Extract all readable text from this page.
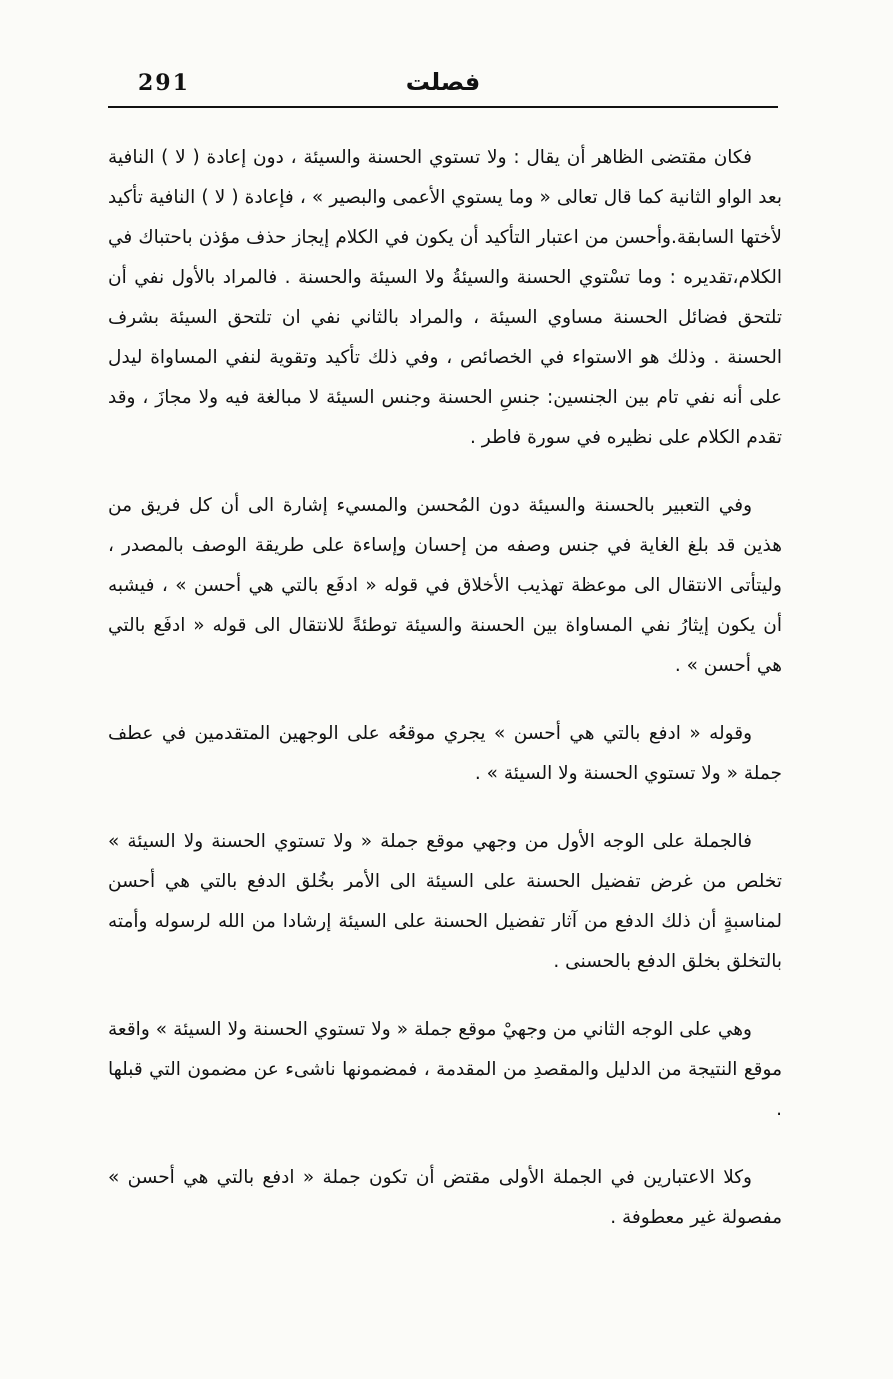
291	فصلت

فكان مقتضى الظاهر أن يقال : ولا تستوي الحسنة والسيئة ، دون إعادة ( لا ) النافية بعد الواو الثانية كما قال تعالى « وما يستوي الأعمى والبصير » ، فإعادة ( لا ) النافية تأكيد لأختها السابقة.وأحسن من اعتبار التأكيد أن يكون في الكلام إيجاز حذف مؤذن باحتباك في الكلام،تقديره : وما تسْتوي الحسنة والسيئةُ ولا السيئة والحسنة . فالمراد بالأول نفي أن تلتحق فضائل الحسنة مساوي السيئة ، والمراد بالثاني نفي ان تلتحق السيئة بشرف الحسنة . وذلك هو الاستواء في الخصائص ، وفي ذلك تأكيد وتقوية لنفي المساواة ليدل على أنه نفي تام بين الجنسين: جنسِ الحسنة وجنس السيئة لا مبالغة فيه ولا مجازَ ، وقد تقدم الكلام على نظيره في سورة فاطر .

وفي التعبير بالحسنة والسيئة دون المُحسن والمسيء إشارة الى أن كل فريق من هذين قد بلغ الغاية في جنس وصفه من إحسان وإساءة على طريقة الوصف بالمصدر ، وليتأتى الانتقال الى موعظة تهذيب الأخلاق في قوله « ادفَع بالتي هي أحسن » ، فيشبه أن يكون إيثارُ نفي المساواة بين الحسنة والسيئة توطئةً للانتقال الى قوله « ادفَع بالتي هي أحسن » .

وقوله « ادفع بالتي هي أحسن » يجري موقعُه على الوجهين المتقدمين في عطف جملة « ولا تستوي الحسنة ولا السيئة » .

فالجملة على الوجه الأول من وجهي موقع جملة « ولا تستوي الحسنة ولا السيئة » تخلص من غرض تفضيل الحسنة على السيئة الى الأمر بخُلق الدفع بالتي هي أحسن لمناسبةٍ أن ذلك الدفع من آثار تفضيل الحسنة على السيئة إرشادا من الله لرسوله وأمته بالتخلق بخلق الدفع بالحسنى .

وهي على الوجه الثاني من وجهيْ موقع جملة « ولا تستوي الحسنة ولا السيئة » واقعة موقع النتيجة من الدليل والمقصدِ من المقدمة ، فمضمونها ناشىء عن مضمون التي قبلها .

وكلا الاعتبارين في الجملة الأولى مقتض أن تكون جملة « ادفع بالتي هي أحسن » مفصولة غير معطوفة .
